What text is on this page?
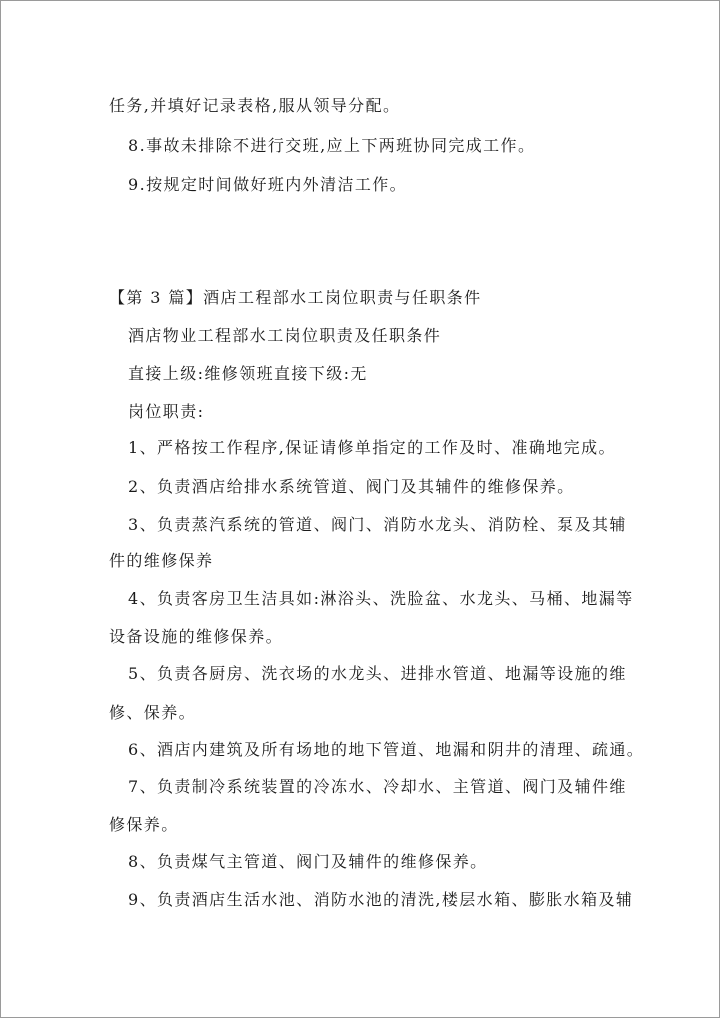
任务,并填好记录表格,服从领导分配。
8.事故未排除不进行交班,应上下两班协同完成工作。
9.按规定时间做好班内外清洁工作。
【第 3 篇】酒店工程部水工岗位职责与任职条件
酒店物业工程部水工岗位职责及任职条件
直接上级:维修领班直接下级:无
岗位职责:
1、严格按工作程序,保证请修单指定的工作及时、准确地完成。
2、负责酒店给排水系统管道、阀门及其辅件的维修保养。
3、负责蒸汽系统的管道、阀门、消防水龙头、消防栓、泵及其辅
件的维修保养
4、负责客房卫生洁具如:淋浴头、洗脸盆、水龙头、马桶、地漏等
设备设施的维修保养。
5、负责各厨房、洗衣场的水龙头、进排水管道、地漏等设施的维
修、保养。
6、酒店内建筑及所有场地的地下管道、地漏和阴井的清理、疏通。
7、负责制冷系统装置的冷冻水、冷却水、主管道、阀门及辅件维
修保养。
8、负责煤气主管道、阀门及辅件的维修保养。
9、负责酒店生活水池、消防水池的清洗,楼层水箱、膨胀水箱及辅
